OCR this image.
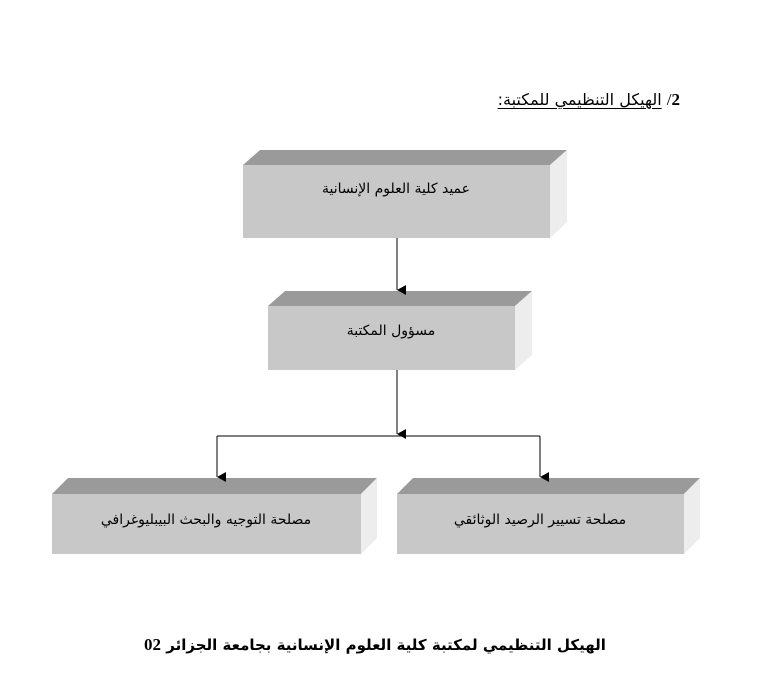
2/ الهيكل التنظيمي للمكتبة:
عميد كلية العلوم الإنسانية
مسؤول المكتبة
مصلحة التوجيه والبحث البيبليوغرافي	مصلحة تسيير الرصيد الوثائقي
الهيكل التنظيمي لمكتبة كلية العلوم الإنسانية بجامعة الجزائر 02
